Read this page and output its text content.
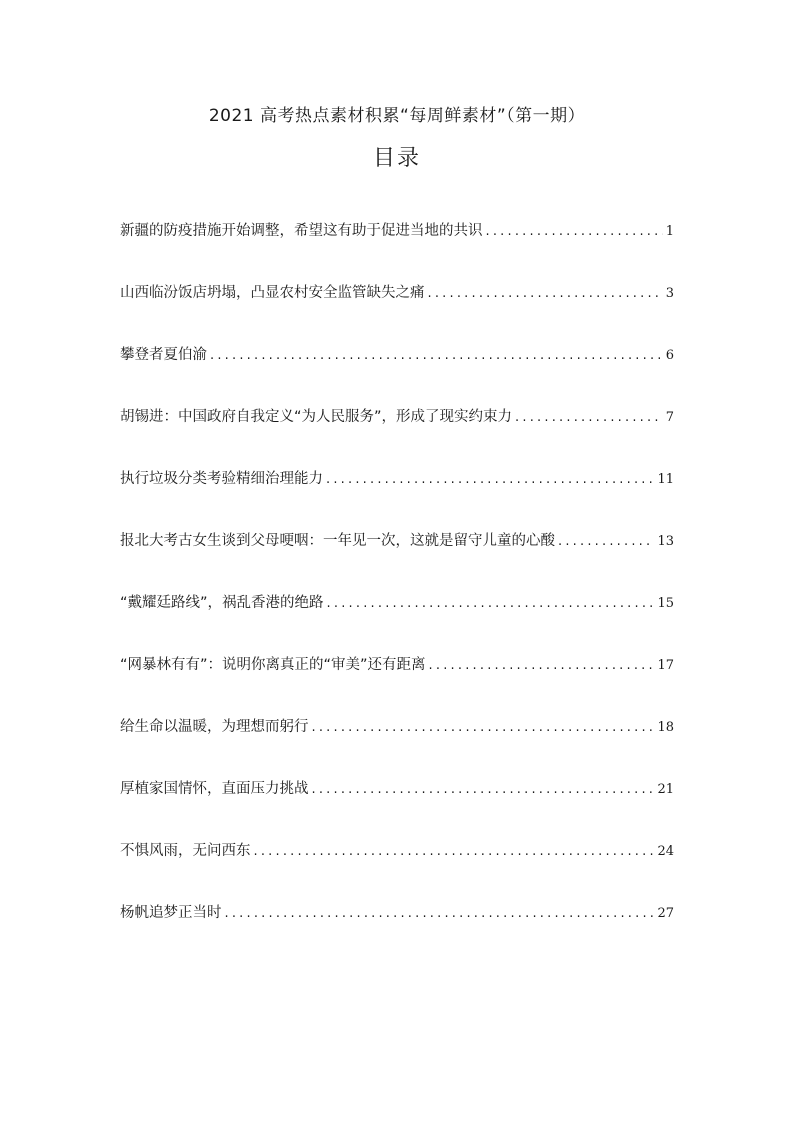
2021 高考热点素材积累“每周鲜素材”（第一期）
目录
新疆的防疫措施开始调整，希望这有助于促进当地的共识 .....	1
山西临汾饭店坍塌，凸显农村安全监管缺失之痛 .....	3
攀登者夏伯渝 .....	6
胡锡进：中国政府自我定义“为人民服务”，形成了现实约束力 .....	7
执行垃圾分类考验精细治理能力 .....	11
报北大考古女生谈到父母哽咽：一年见一次，这就是留守儿童的心酸 .....	13
“戴耀廷路线”，祸乱香港的绝路 .....	15
“网暴林有有”：说明你离真正的“审美”还有距离 .....	17
给生命以温暖，为理想而躬行 .....	18
厚植家国情怀，直面压力挑战 .....	21
不惧风雨，无问西东 .....	24
杨帆追梦正当时 .....	27
